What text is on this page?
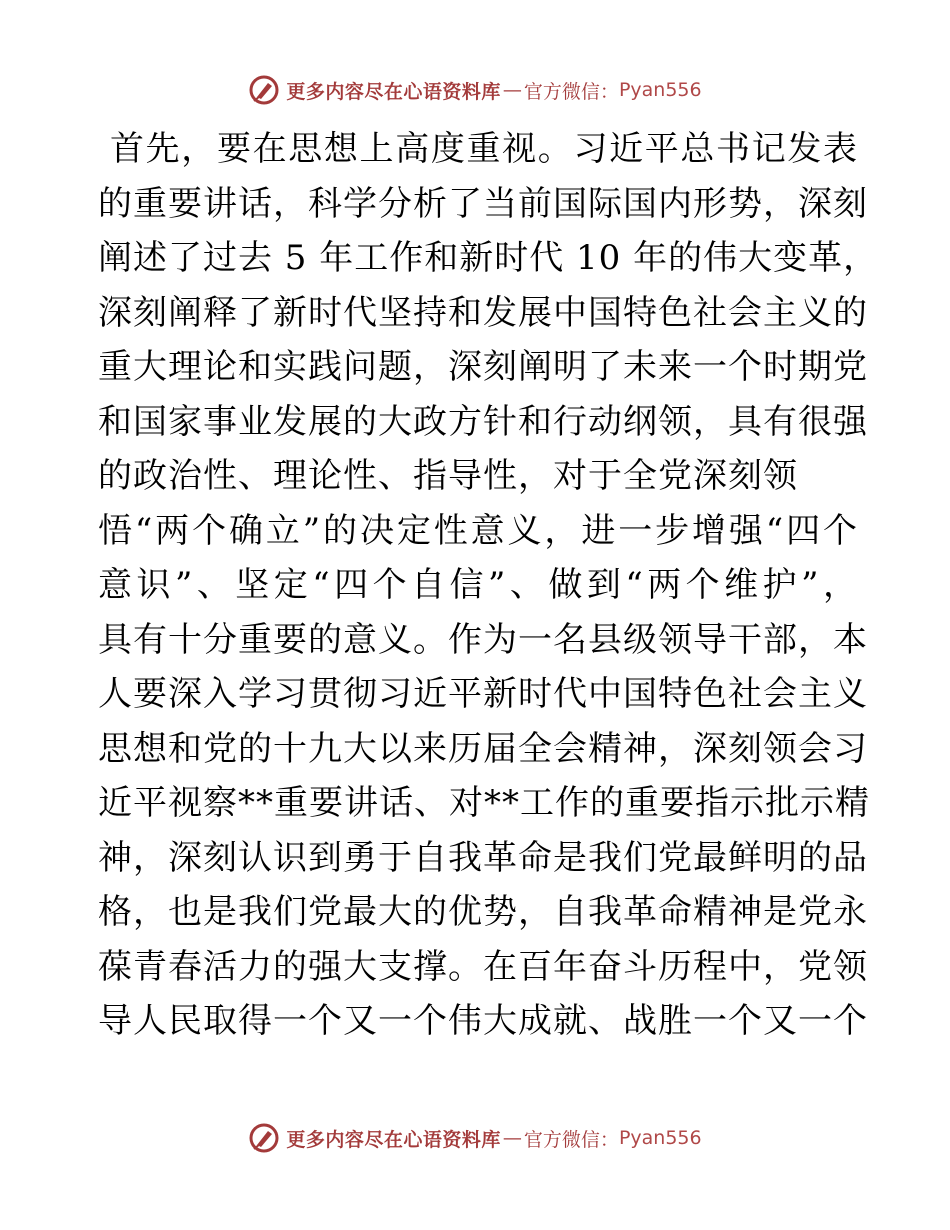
更多内容尽在心语资料库 — 官方微信： Pyan556
首先，要在思想上高度重视。习近平总书记发表
的重要讲话，科学分析了当前国际国内形势，深刻
阐述了过去 5 年工作和新时代 10 年的伟大变革，
深刻阐释了新时代坚持和发展中国特色社会主义的
重大理论和实践问题，深刻阐明了未来一个时期党
和国家事业发展的大政方针和行动纲领，具有很强
的政治性、理论性、指导性，对于全党深刻领
悟“两个确立”的决定性意义，进一步增强“四个
意识”、坚定“四个自信”、做到“两个维护”，
具有十分重要的意义。作为一名县级领导干部，本
人要深入学习贯彻习近平新时代中国特色社会主义
思想和党的十九大以来历届全会精神，深刻领会习
近平视察**重要讲话、对**工作的重要指示批示精
神，深刻认识到勇于自我革命是我们党最鲜明的品
格，也是我们党最大的优势，自我革命精神是党永
葆青春活力的强大支撑。在百年奋斗历程中，党领
导人民取得一个又一个伟大成就、战胜一个又一个
更多内容尽在心语资料库 — 官方微信： Pyan556
